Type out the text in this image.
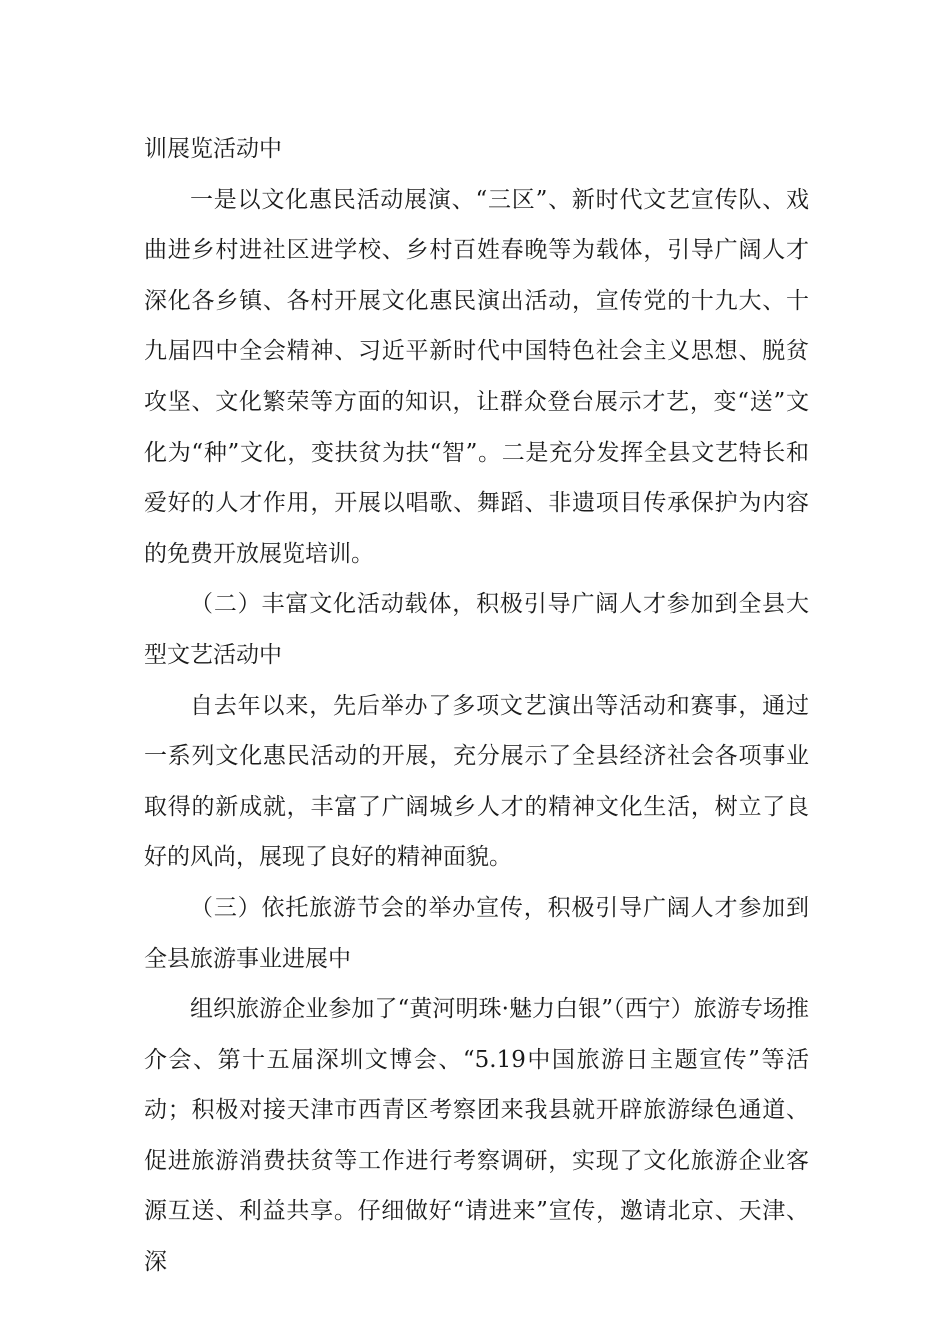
训展览活动中

一是以文化惠民活动展演、“三区”、新时代文艺宣传队、戏曲进乡村进社区进学校、乡村百姓春晚等为载体，引导广阔人才深化各乡镇、各村开展文化惠民演出活动，宣传党的十九大、十九届四中全会精神、习近平新时代中国特色社会主义思想、脱贫攻坚、文化繁荣等方面的知识，让群众登台展示才艺，变“送”文化为“种”文化，变扶贫为扶“智”。二是充分发挥全县文艺特长和爱好的人才作用，开展以唱歌、舞蹈、非遗项目传承保护为内容的免费开放展览培训。

（二）丰富文化活动载体，积极引导广阔人才参加到全县大型文艺活动中

自去年以来，先后举办了多项文艺演出等活动和赛事，通过一系列文化惠民活动的开展，充分展示了全县经济社会各项事业取得的新成就，丰富了广阔城乡人才的精神文化生活，树立了良好的风尚，展现了良好的精神面貌。

（三）依托旅游节会的举办宣传，积极引导广阔人才参加到全县旅游事业进展中

组织旅游企业参加了“黄河明珠·魅力白银”（西宁）旅游专场推介会、第十五届深圳文博会、“5.19中国旅游日主题宣传”等活动；积极对接天津市西青区考察团来我县就开辟旅游绿色通道、促进旅游消费扶贫等工作进行考察调研，实现了文化旅游企业客源互送、利益共享。仔细做好“请进来”宣传，邀请北京、天津、深
